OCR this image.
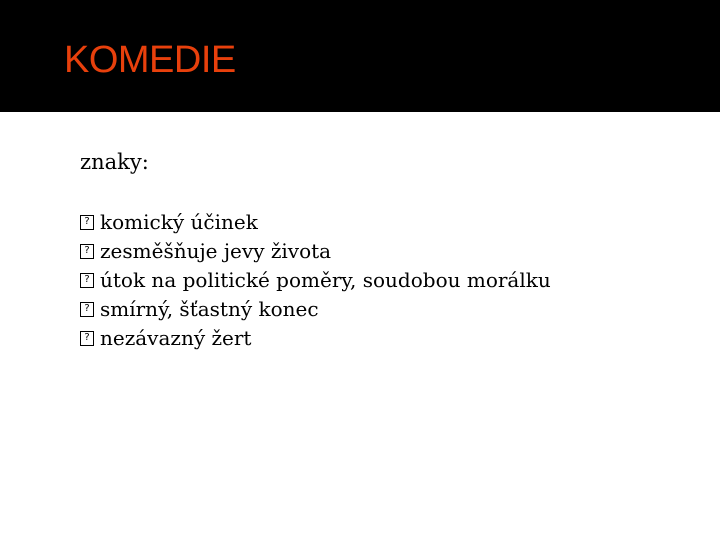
KOMEDIE

znaky:

?
komický účinek
?
zesměšňuje jevy života
?
útok na politické poměry, soudobou morálku
?
smírný, šťastný konec
?
nezávazný žert
